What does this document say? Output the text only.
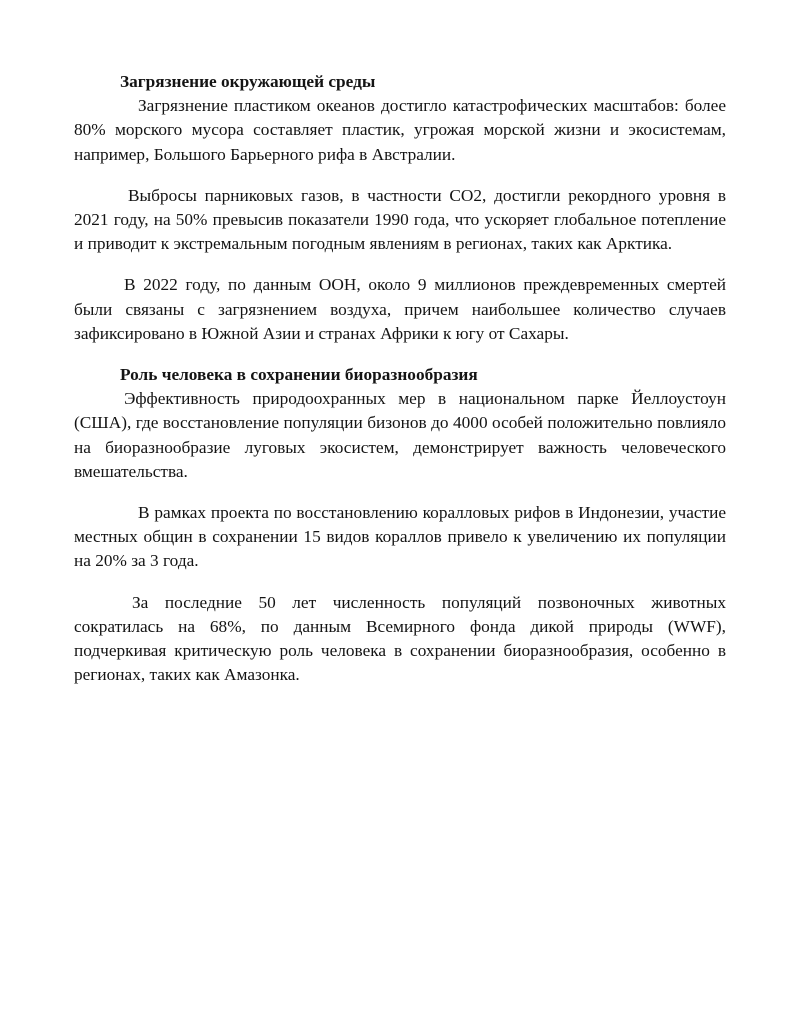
Загрязнение окружающей среды

Загрязнение пластиком океанов достигло катастрофических масштабов: более 80% морского мусора составляет пластик, угрожая морской жизни и экосистемам, например, Большого Барьерного рифа в Австралии.

Выбросы парниковых газов, в частности CO2, достигли рекордного уровня в 2021 году, на 50% превысив показатели 1990 года, что ускоряет глобальное потепление и приводит к экстремальным погодным явлениям в регионах, таких как Арктика.

В 2022 году, по данным ООН, около 9 миллионов преждевременных смертей были связаны с загрязнением воздуха, причем наибольшее количество случаев зафиксировано в Южной Азии и странах Африки к югу от Сахары.

Роль человека в сохранении биоразнообразия

Эффективность природоохранных мер в национальном парке Йеллоустоун (США), где восстановление популяции бизонов до 4000 особей положительно повлияло на биоразнообразие луговых экосистем, демонстрирует важность человеческого вмешательства.

В рамках проекта по восстановлению коралловых рифов в Индонезии, участие местных общин в сохранении 15 видов кораллов привело к увеличению их популяции на 20% за 3 года.

За последние 50 лет численность популяций позвоночных животных сократилась на 68%, по данным Всемирного фонда дикой природы (WWF), подчеркивая критическую роль человека в сохранении биоразнообразия, особенно в регионах, таких как Амазонка.
